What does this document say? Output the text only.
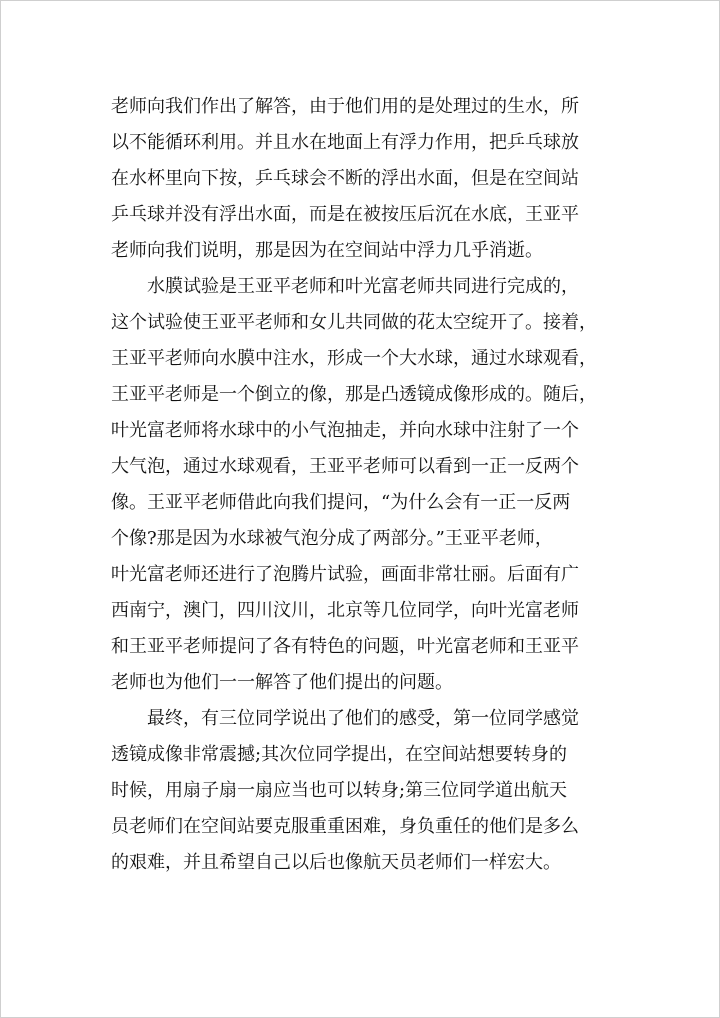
老师向我们作出了解答，由于他们用的是处理过的生水，所
以不能循环利用。并且水在地面上有浮力作用，把乒乓球放
在水杯里向下按，乒乓球会不断的浮出水面，但是在空间站
乒乓球并没有浮出水面，而是在被按压后沉在水底，王亚平
老师向我们说明，那是因为在空间站中浮力几乎消逝。
　　水膜试验是王亚平老师和叶光富老师共同进行完成的，
这个试验使王亚平老师和女儿共同做的花太空绽开了。接着，
王亚平老师向水膜中注水，形成一个大水球，通过水球观看，
王亚平老师是一个倒立的像，那是凸透镜成像形成的。随后，
叶光富老师将水球中的小气泡抽走，并向水球中注射了一个
大气泡，通过水球观看，王亚平老师可以看到一正一反两个
像。王亚平老师借此向我们提问，“为什么会有一正一反两
个像?那是因为水球被气泡分成了两部分。”王亚平老师，
叶光富老师还进行了泡腾片试验，画面非常壮丽。后面有广
西南宁，澳门，四川汶川，北京等几位同学，向叶光富老师
和王亚平老师提问了各有特色的问题，叶光富老师和王亚平
老师也为他们一一解答了他们提出的问题。
　　最终，有三位同学说出了他们的感受，第一位同学感觉
透镜成像非常震撼;其次位同学提出，在空间站想要转身的
时候，用扇子扇一扇应当也可以转身;第三位同学道出航天
员老师们在空间站要克服重重困难，身负重任的他们是多么
的艰难，并且希望自己以后也像航天员老师们一样宏大。
